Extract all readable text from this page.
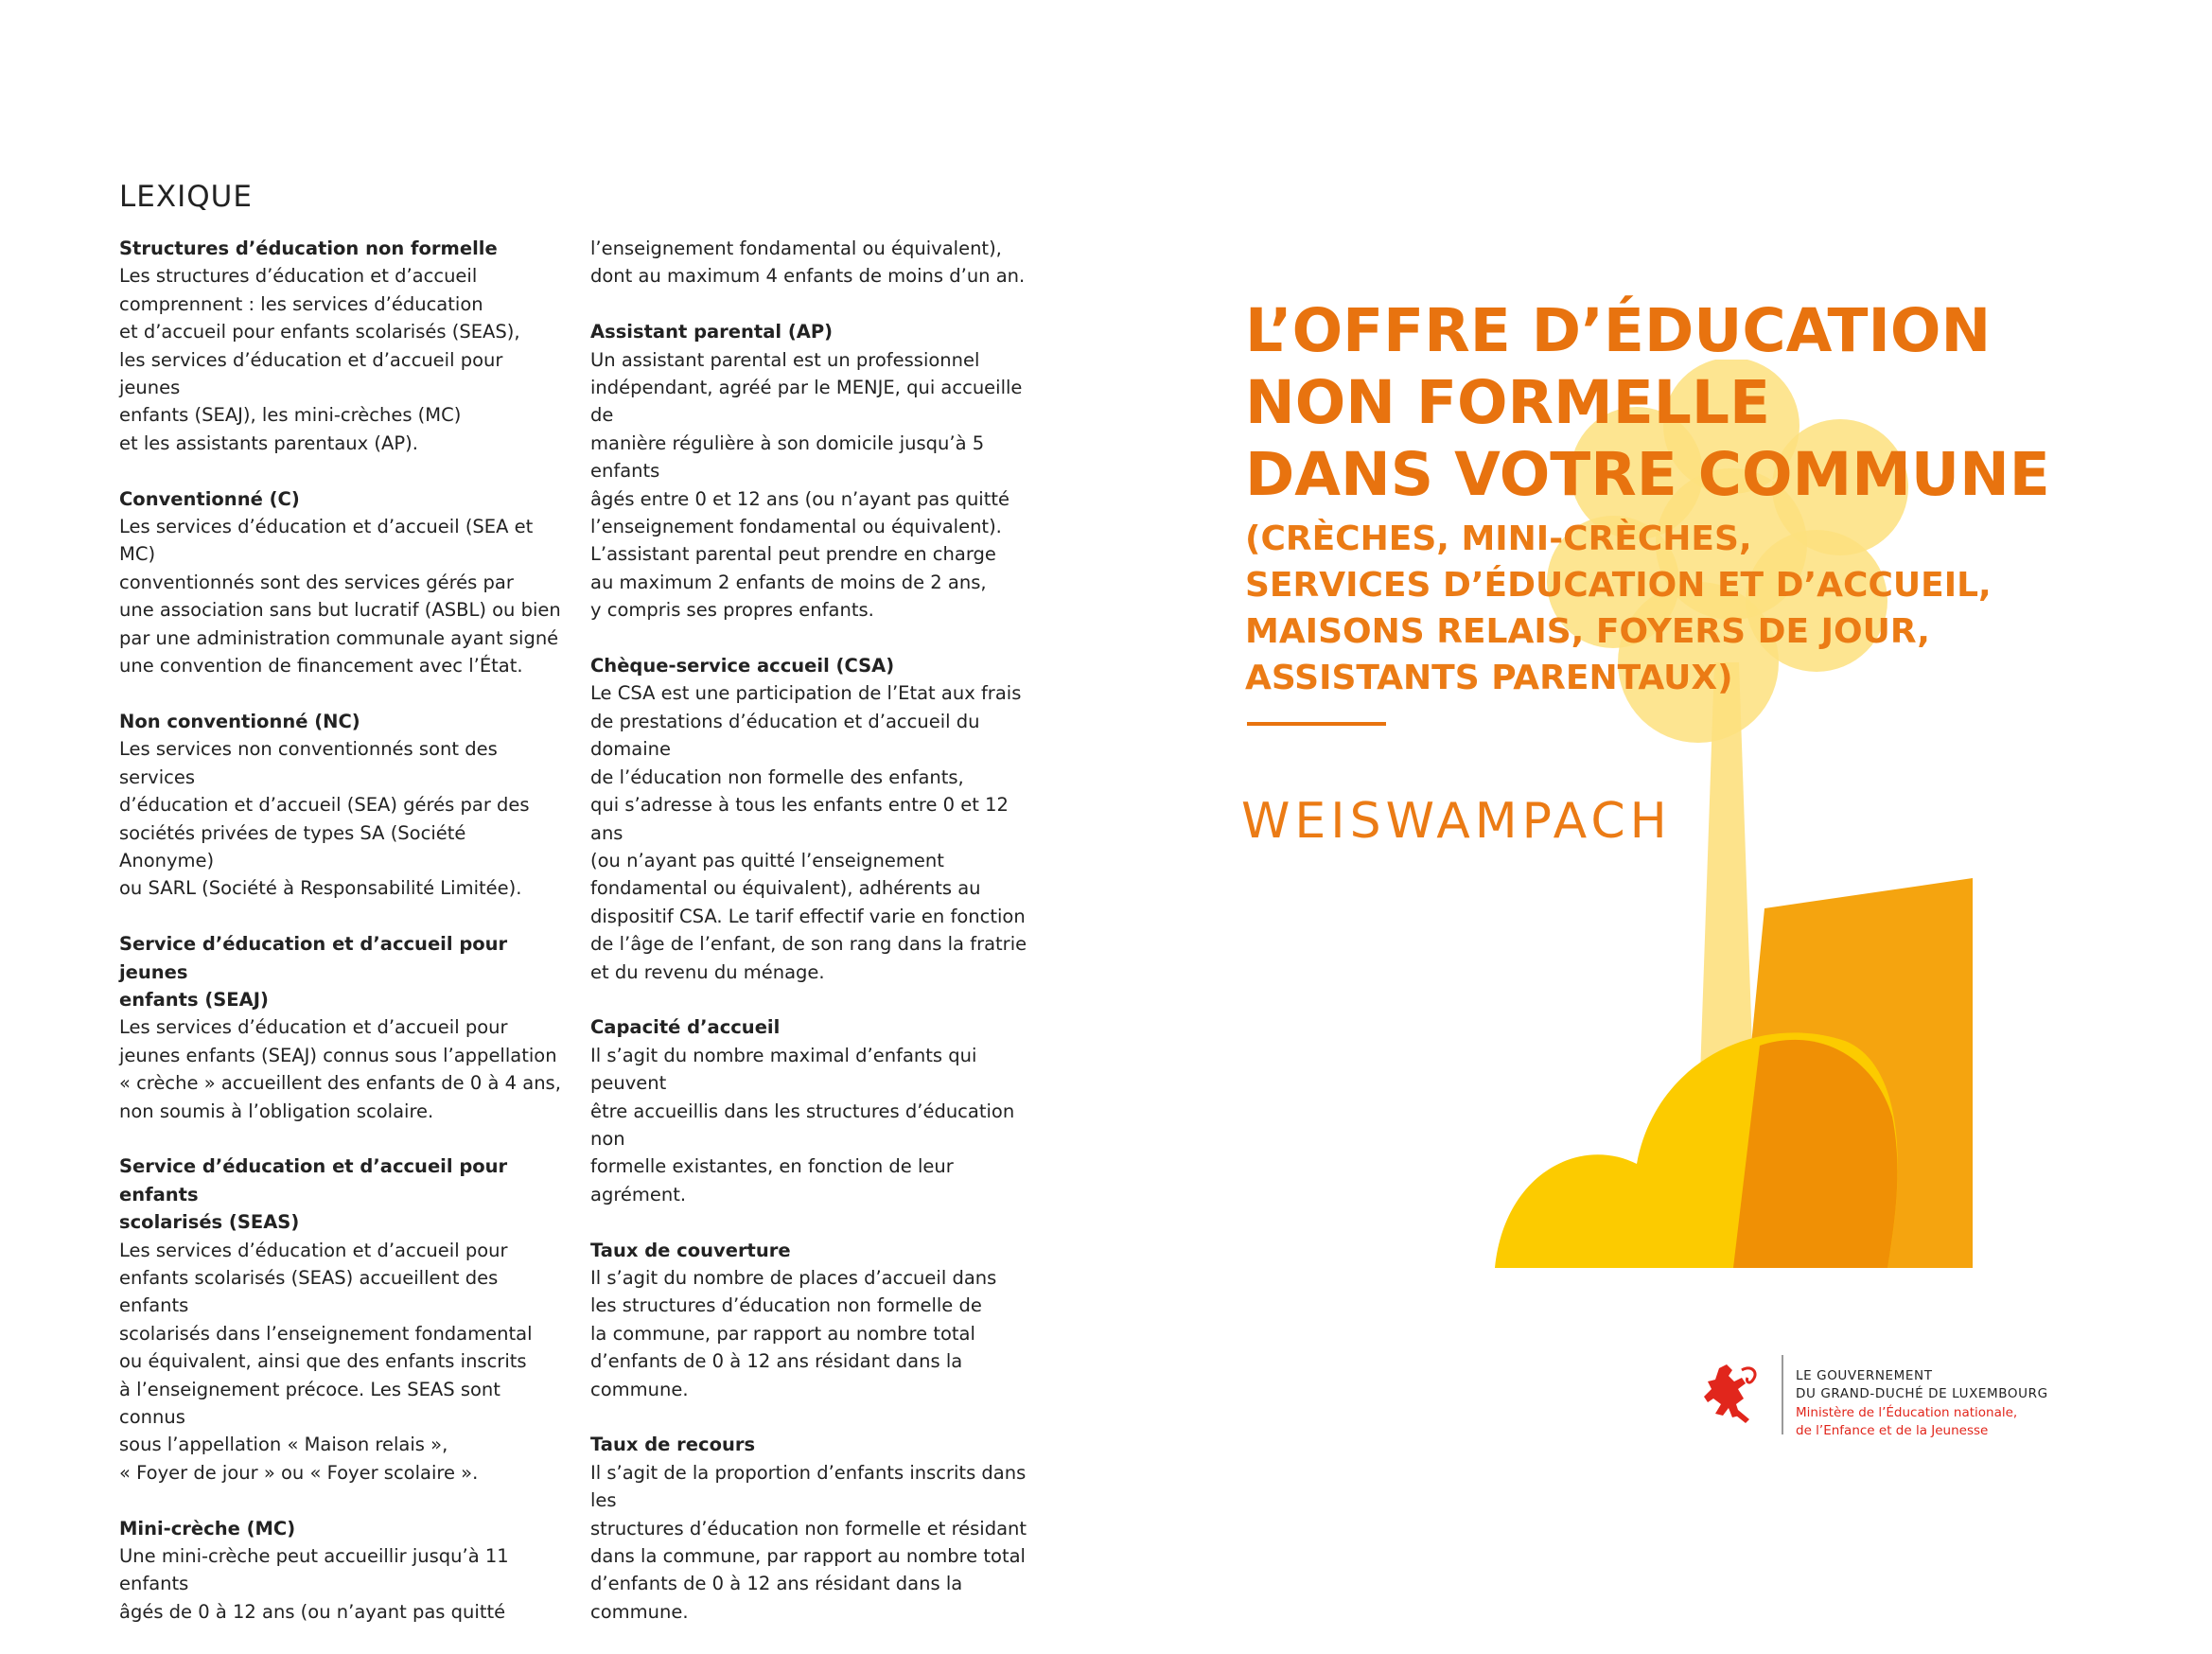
LEXIQUE
Structures d’éducation non formelle
Les structures d’éducation et d’accueil
comprennent : les services d’éducation
et d’accueil pour enfants scolarisés (SEAS),
les services d’éducation et d’accueil pour jeunes
enfants (SEAJ), les mini-crèches (MC)
et les assistants parentaux (AP).
Conventionné (C)
Les services d’éducation et d’accueil (SEA et MC)
conventionnés sont des services gérés par
une association sans but lucratif (ASBL) ou bien
par une administration communale ayant signé
une convention de financement avec l’État.
Non conventionné (NC)
Les services non conventionnés sont des services
d’éducation et d’accueil (SEA) gérés par des
sociétés privées de types SA (Société Anonyme)
ou SARL (Société à Responsabilité Limitée).
Service d’éducation et d’accueil pour jeunes
enfants (SEAJ)
Les services d’éducation et d’accueil pour
jeunes enfants (SEAJ) connus sous l’appellation
« crèche » accueillent des enfants de 0 à 4 ans,
non soumis à l’obligation scolaire.
Service d’éducation et d’accueil pour enfants
scolarisés (SEAS)
Les services d’éducation et d’accueil pour
enfants scolarisés (SEAS) accueillent des enfants
scolarisés dans l’enseignement fondamental
ou équivalent, ainsi que des enfants inscrits
à l’enseignement précoce. Les SEAS sont connus
sous l’appellation « Maison relais »,
« Foyer de jour » ou « Foyer scolaire ».
Mini-crèche (MC)
Une mini-crèche peut accueillir jusqu’à 11 enfants
âgés de 0 à 12 ans (ou n’ayant pas quitté
l’enseignement fondamental ou équivalent),
dont au maximum 4 enfants de moins d’un an.
Assistant parental (AP)
Un assistant parental est un professionnel
indépendant, agréé par le MENJE, qui accueille de
manière régulière à son domicile jusqu’à 5 enfants
âgés entre 0 et 12 ans (ou n’ayant pas quitté
l’enseignement fondamental ou équivalent).
L’assistant parental peut prendre en charge
au maximum 2 enfants de moins de 2 ans,
y compris ses propres enfants.
Chèque-service accueil (CSA)
Le CSA est une participation de l’Etat aux frais
de prestations d’éducation et d’accueil du domaine
de l’éducation non formelle des enfants,
qui s’adresse à tous les enfants entre 0 et 12 ans
(ou n’ayant pas quitté l’enseignement
fondamental ou équivalent), adhérents au
dispositif CSA. Le tarif effectif varie en fonction
de l’âge de l’enfant, de son rang dans la fratrie
et du revenu du ménage.
Capacité d’accueil
Il s’agit du nombre maximal d’enfants qui peuvent
être accueillis dans les structures d’éducation non
formelle existantes, en fonction de leur agrément.
Taux de couverture
Il s’agit du nombre de places d’accueil dans
les structures d’éducation non formelle de
la commune, par rapport au nombre total
d’enfants de 0 à 12 ans résidant dans la commune.
Taux de recours
Il s’agit de la proportion d’enfants inscrits dans les
structures d’éducation non formelle et résidant
dans la commune, par rapport au nombre total
d’enfants de 0 à 12 ans résidant dans la commune.
L’OFFRE D’ÉDUCATION
NON FORMELLE
DANS VOTRE COMMUNE
(CRÈCHES, MINI-CRÈCHES,
SERVICES D’ÉDUCATION ET D’ACCUEIL,
MAISONS RELAIS, FOYERS DE JOUR,
ASSISTANTS PARENTAUX)
WEISWAMPACH
LE GOUVERNEMENT
DU GRAND-DUCHÉ DE LUXEMBOURG
Ministère de l’Éducation nationale,
de l’Enfance et de la Jeunesse
